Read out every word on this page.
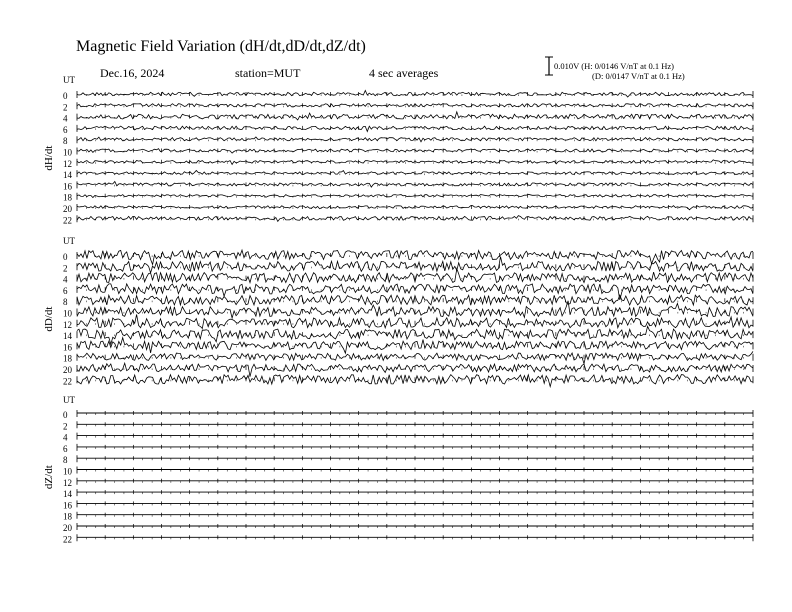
Magnetic Field Variation (dH/dt,dD/dt,dZ/dt)
Dec.16, 2024	station=MUT	4 sec averages	0.010V (H: 0/0146 V/nT at 0.1 Hz)
(D: 0/0147 V/nT at 0.1 Hz)
UT
dH/dt
0
2
4
6
8
10
12
14
16
18
20
22
UT
dD/dt
0
2
4
6
8
10
12
14
16
18
20
22
UT
dZ/dt
0
2
4
6
8
10
12
14
16
18
20
22
